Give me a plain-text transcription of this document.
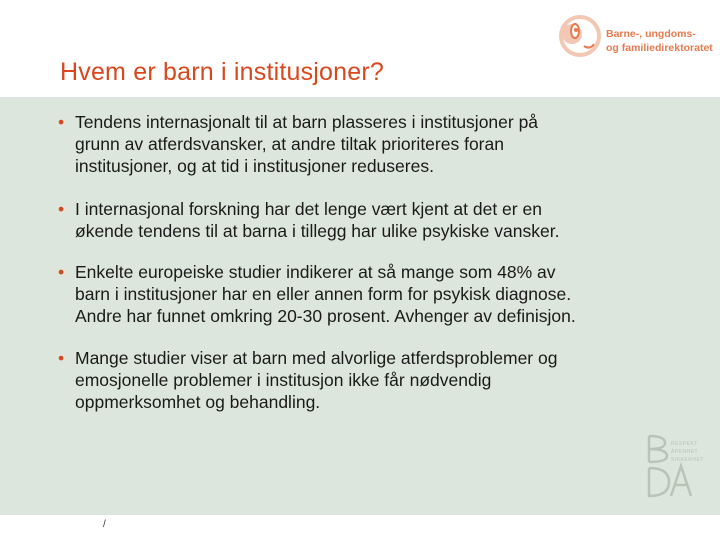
Barne-, ungdoms-
og familiedirektoratet
Hvem er barn i institusjoner?
• Tendens internasjonalt til at barn plasseres i institusjoner på
grunn av atferdsvansker, at andre tiltak prioriteres foran
institusjoner, og at tid i institusjoner reduseres.
• I internasjonal forskning har det lenge vært kjent at det er en
økende tendens til at barna i tillegg har ulike psykiske vansker.
• Enkelte europeiske studier indikerer at så mange som 48% av
barn i institusjoner har en eller annen form for psykisk diagnose.
Andre har funnet omkring 20-30 prosent. Avhenger av definisjon.
• Mange studier viser at barn med alvorlige atferdsproblemer og
emosjonelle problemer i institusjon ikke får nødvendig
oppmerksomhet og behandling.
RESPEKT
ÅPENHET
SIKKERHET
/
